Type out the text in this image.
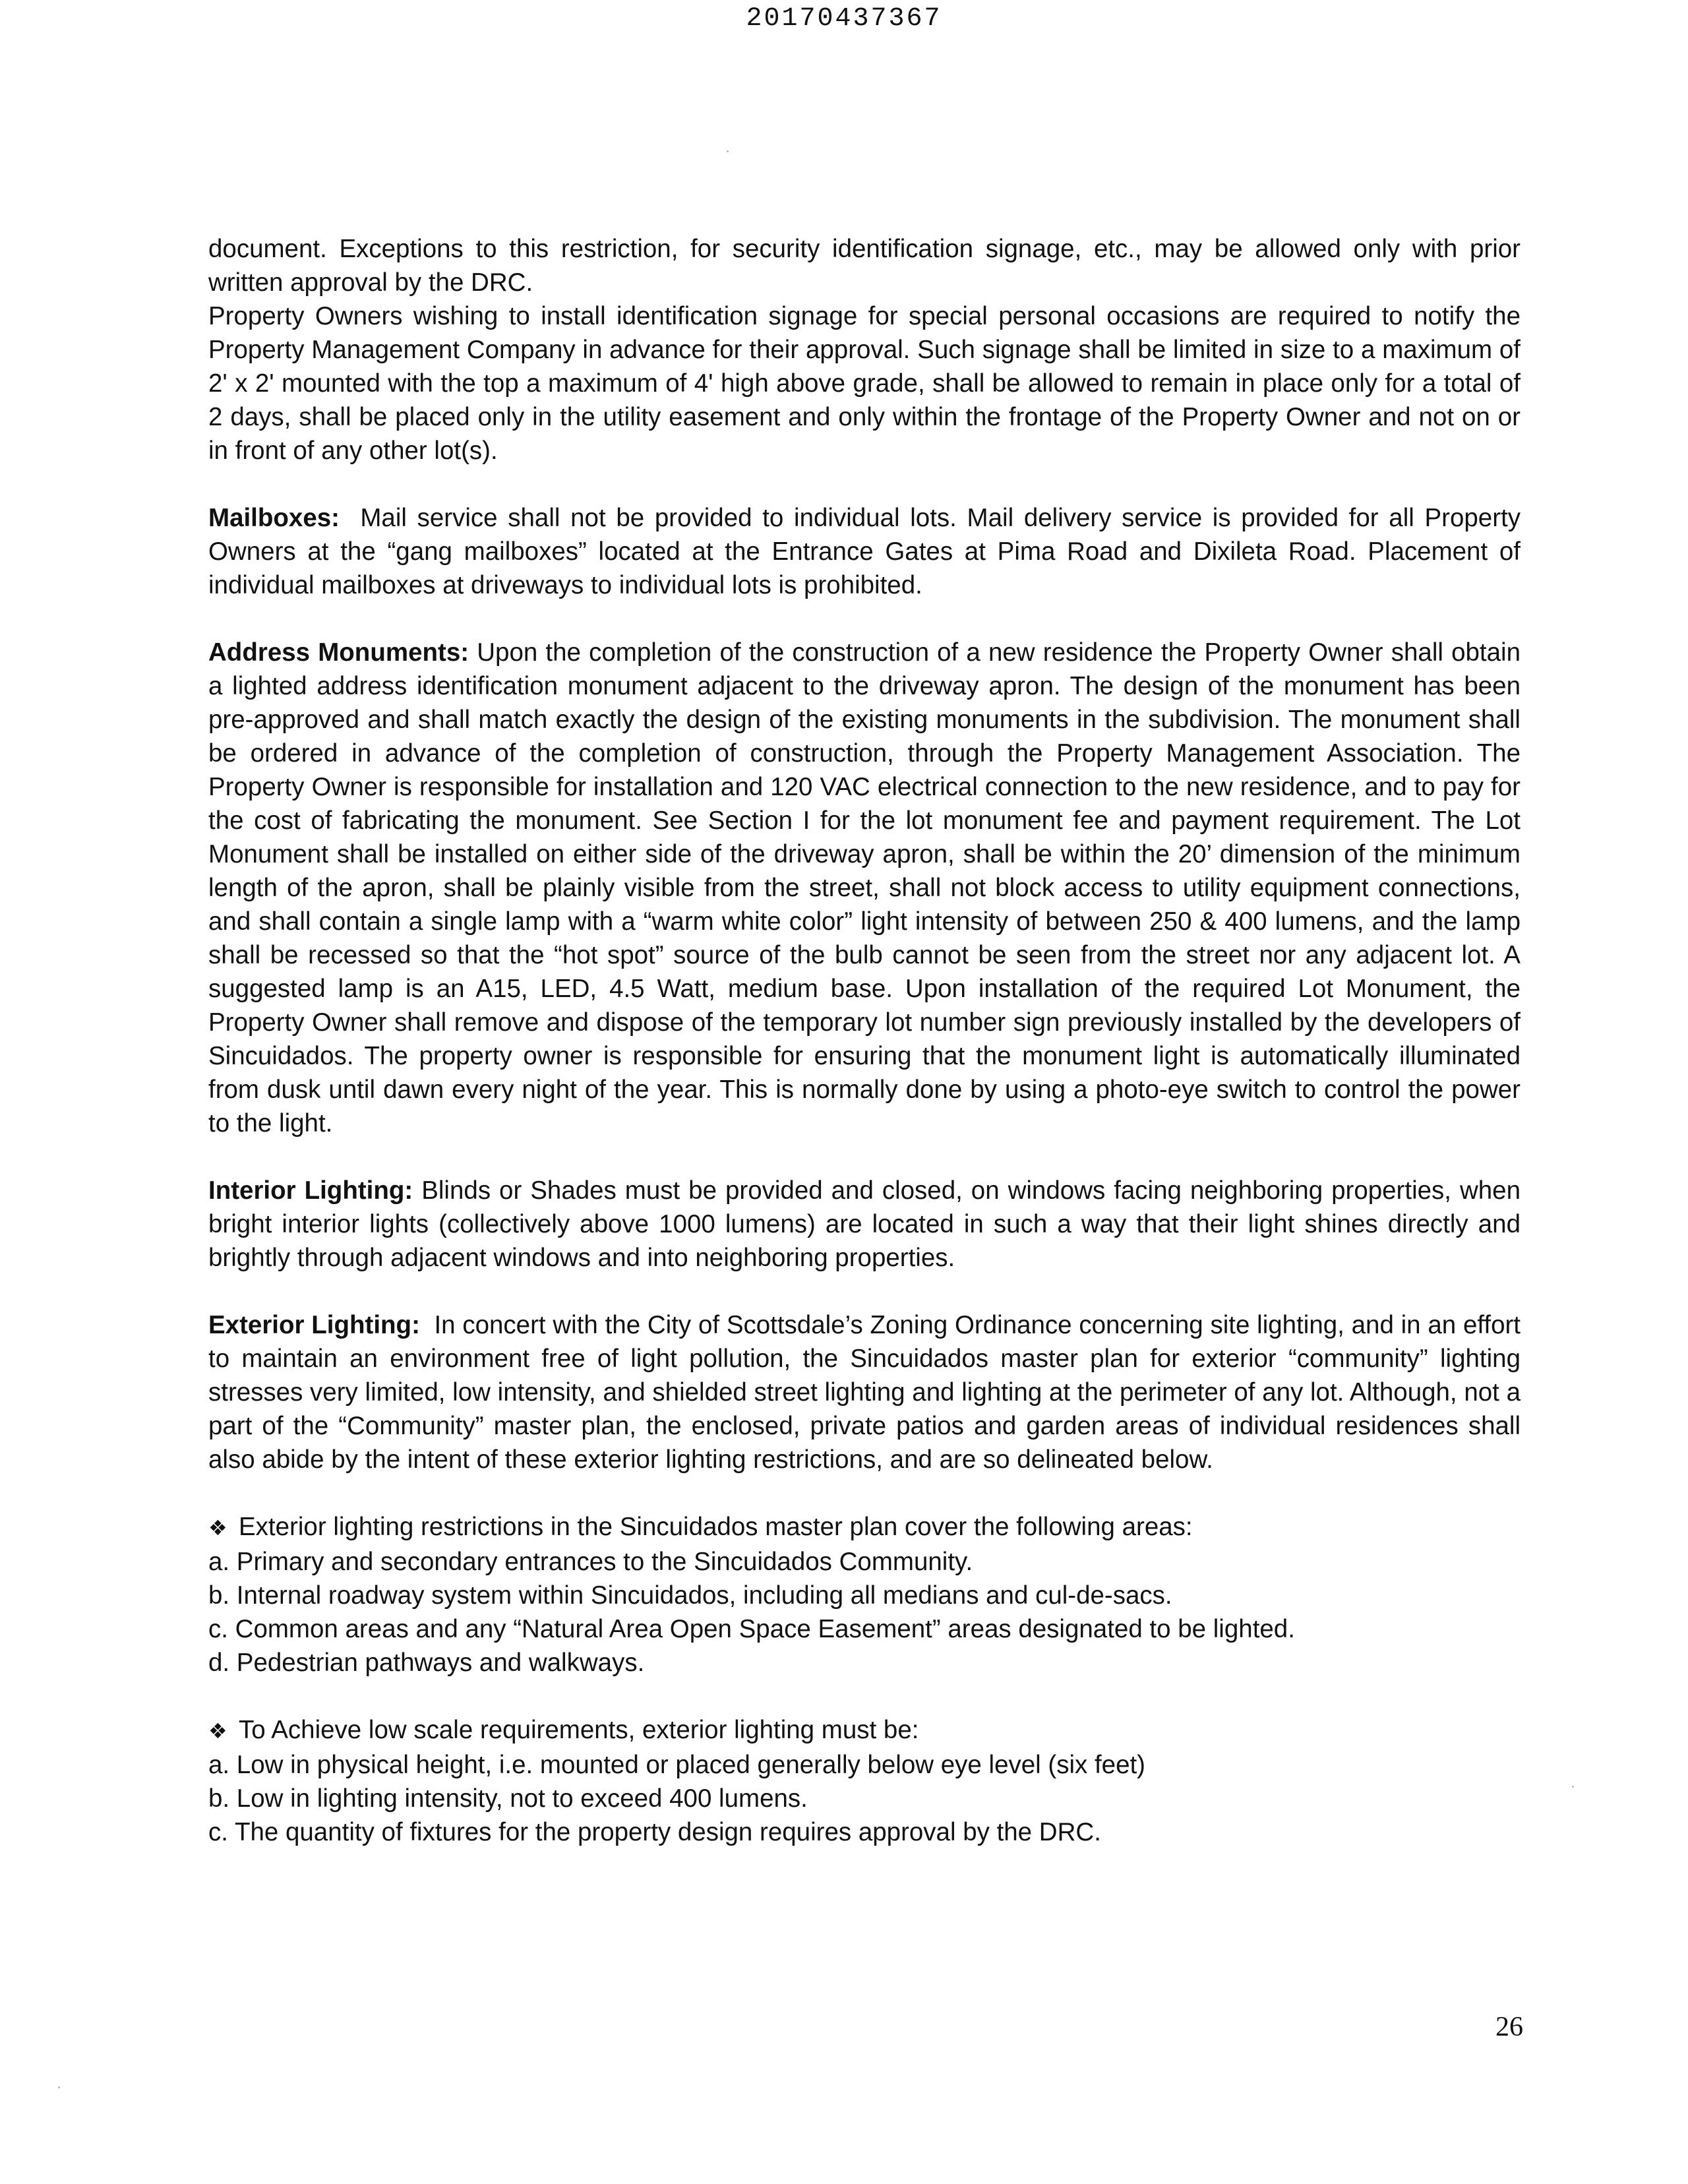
20170437367

document. Exceptions to this restriction, for security identification signage, etc., may be allowed only with prior written approval by the DRC.

Property Owners wishing to install identification signage for special personal occasions are required to notify the Property Management Company in advance for their approval. Such signage shall be limited in size to a maximum of 2' x 2' mounted with the top a maximum of 4' high above grade, shall be allowed to remain in place only for a total of 2 days, shall be placed only in the utility easement and only within the frontage of the Property Owner and not on or in front of any other lot(s).

Mailboxes: Mail service shall not be provided to individual lots. Mail delivery service is provided for all Property Owners at the “gang mailboxes” located at the Entrance Gates at Pima Road and Dixileta Road. Placement of individual mailboxes at driveways to individual lots is prohibited.

Address Monuments: Upon the completion of the construction of a new residence the Property Owner shall obtain a lighted address identification monument adjacent to the driveway apron. The design of the monument has been pre-approved and shall match exactly the design of the existing monuments in the subdivision. The monument shall be ordered in advance of the completion of construction, through the Property Management Association. The Property Owner is responsible for installation and 120 VAC electrical connection to the new residence, and to pay for the cost of fabricating the monument. See Section I for the lot monument fee and payment requirement. The Lot Monument shall be installed on either side of the driveway apron, shall be within the 20’ dimension of the minimum length of the apron, shall be plainly visible from the street, shall not block access to utility equipment connections, and shall contain a single lamp with a “warm white color” light intensity of between 250 & 400 lumens, and the lamp shall be recessed so that the “hot spot” source of the bulb cannot be seen from the street nor any adjacent lot. A suggested lamp is an A15, LED, 4.5 Watt, medium base. Upon installation of the required Lot Monument, the Property Owner shall remove and dispose of the temporary lot number sign previously installed by the developers of Sincuidados. The property owner is responsible for ensuring that the monument light is automatically illuminated from dusk until dawn every night of the year. This is normally done by using a photo-eye switch to control the power to the light.

Interior Lighting: Blinds or Shades must be provided and closed, on windows facing neighboring properties, when bright interior lights (collectively above 1000 lumens) are located in such a way that their light shines directly and brightly through adjacent windows and into neighboring properties.

Exterior Lighting: In concert with the City of Scottsdale’s Zoning Ordinance concerning site lighting, and in an effort to maintain an environment free of light pollution, the Sincuidados master plan for exterior “community” lighting stresses very limited, low intensity, and shielded street lighting and lighting at the perimeter of any lot. Although, not a part of the “Community” master plan, the enclosed, private patios and garden areas of individual residences shall also abide by the intent of these exterior lighting restrictions, and are so delineated below.

❖ Exterior lighting restrictions in the Sincuidados master plan cover the following areas:

a. Primary and secondary entrances to the Sincuidados Community.

b. Internal roadway system within Sincuidados, including all medians and cul-de-sacs.

c. Common areas and any “Natural Area Open Space Easement” areas designated to be lighted.

d. Pedestrian pathways and walkways.

❖ To Achieve low scale requirements, exterior lighting must be:

a. Low in physical height, i.e. mounted or placed generally below eye level (six feet)

b. Low in lighting intensity, not to exceed 400 lumens.

c. The quantity of fixtures for the property design requires approval by the DRC.

26
